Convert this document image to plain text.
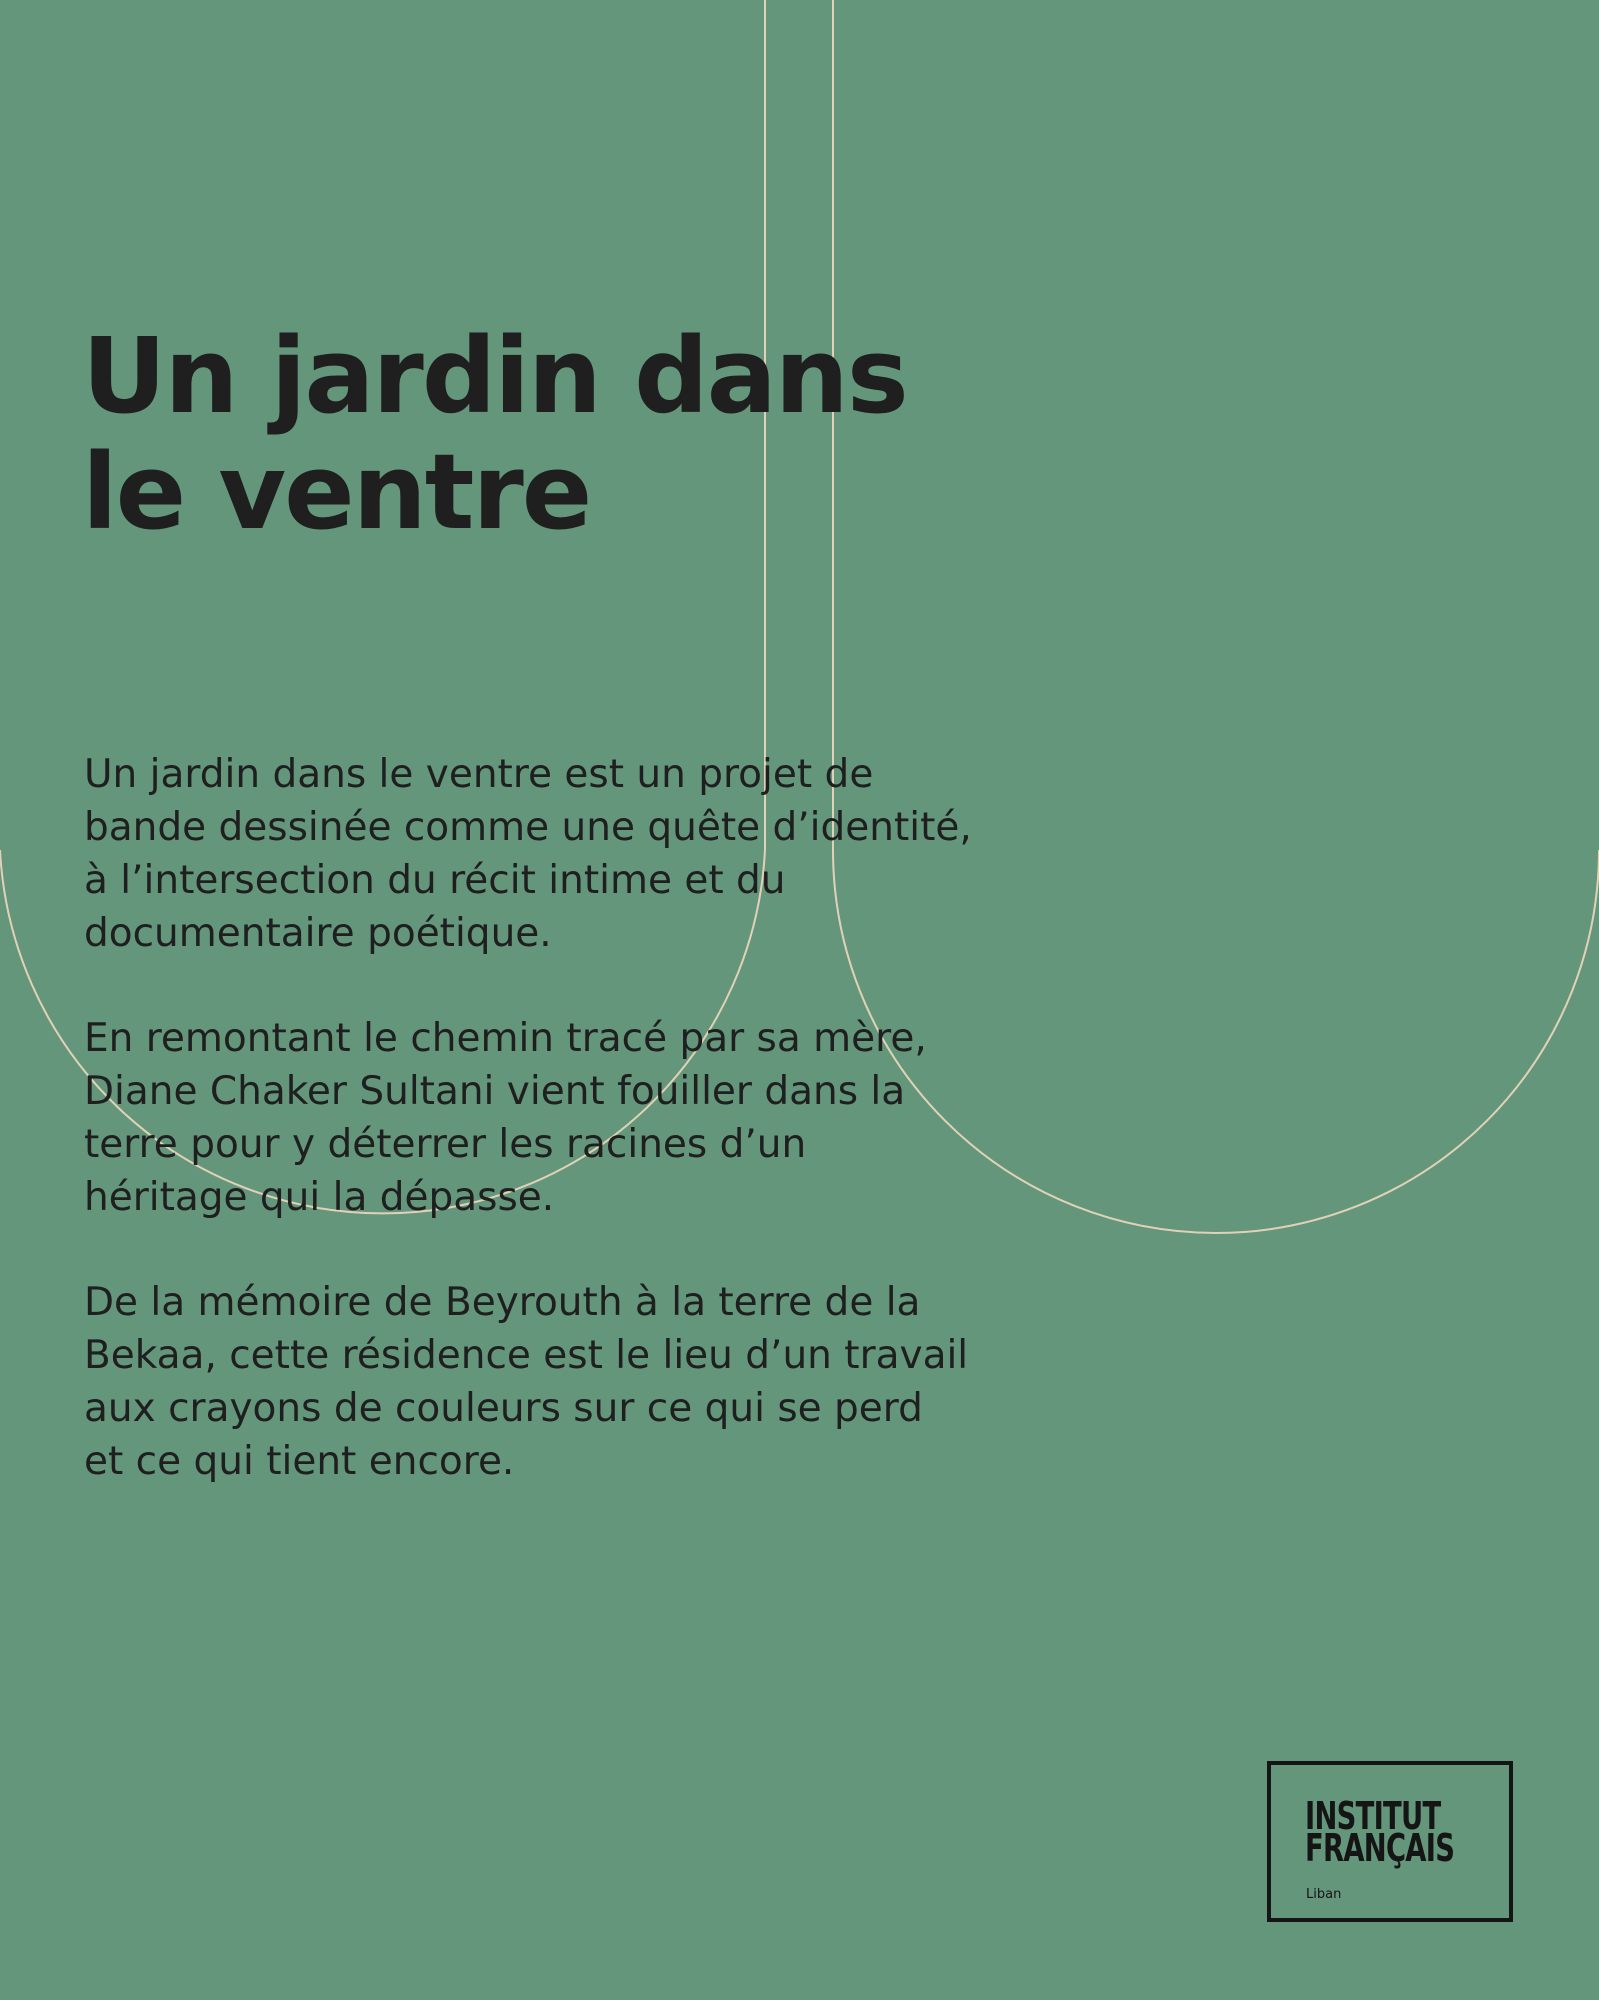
Un jardin dans
le ventre

Un jardin dans le ventre est un projet de
bande dessinée comme une quête d’identité,
à l’intersection du récit intime et du
documentaire poétique.

En remontant le chemin tracé par sa mère,
Diane Chaker Sultani vient fouiller dans la
terre pour y déterrer les racines d’un
héritage qui la dépasse.

De la mémoire de Beyrouth à la terre de la
Bekaa, cette résidence est le lieu d’un travail
aux crayons de couleurs sur ce qui se perd
et ce qui tient encore.

INSTITUT
FRANÇAIS
Liban
